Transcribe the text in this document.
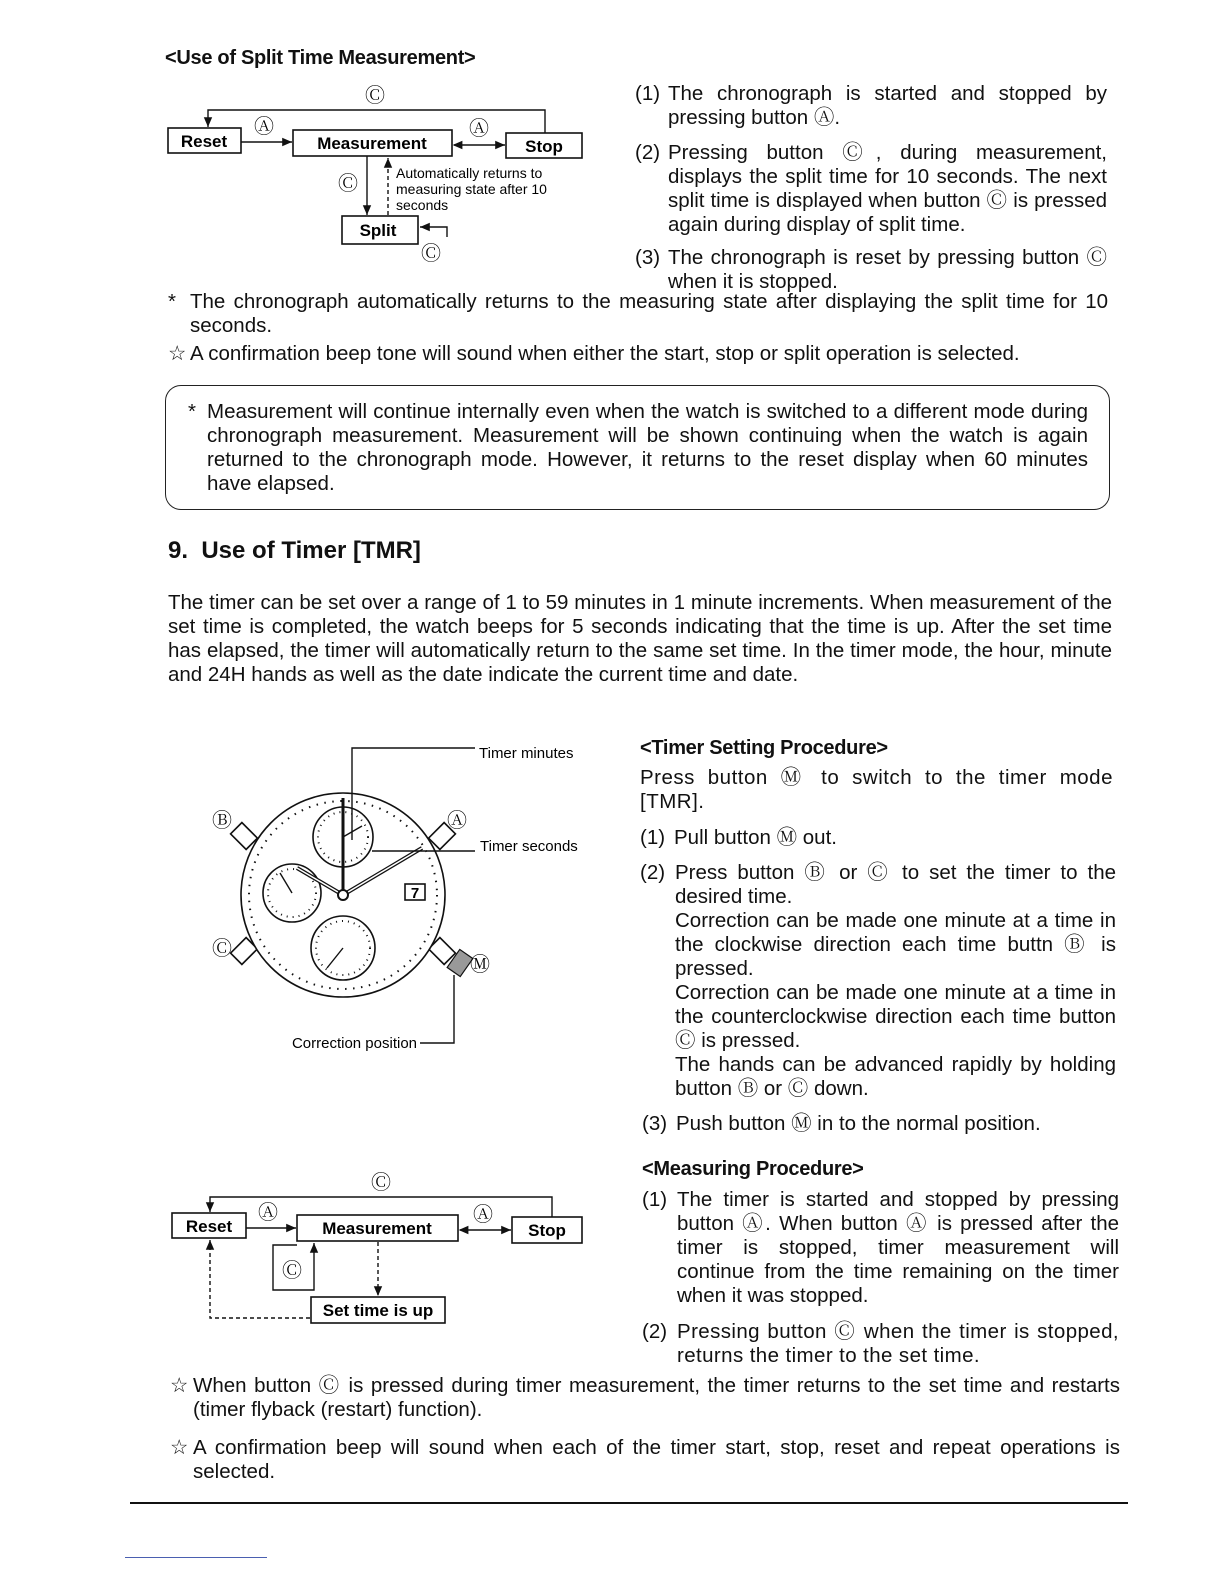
<Use of Split Time Measurement>
Reset	Measurement	Stop
Split
Ⓒ
Ⓐ	Ⓐ
Ⓒ
Ⓒ
Automatically returns to
measuring state after 10
seconds
(1) The chronograph is started and stopped by pressing button Ⓐ.
(2) Pressing button Ⓒ, during measurement, displays the split time for 10 seconds. The next split time is displayed when button Ⓒ is pressed again during display of split time.
(3) The chronograph is reset by pressing button Ⓒ when it is stopped.
* The chronograph automatically returns to the measuring state after displaying the split time for 10 seconds.
☆ A confirmation beep tone will sound when either the start, stop or split operation is selected.
* Measurement will continue internally even when the watch is switched to a different mode during chronograph measurement. Measurement will be shown continuing when the watch is again returned to the chronograph mode. However, it returns to the reset display when 60 minutes have elapsed.
9.  Use of Timer [TMR]
The timer can be set over a range of 1 to 59 minutes in 1 minute increments. When measurement of the set time is completed, the watch beeps for 5 seconds indicating that the time is up. After the set time has elapsed, the timer will automatically return to the same set time. In the timer mode, the hour, minute and 24H hands as well as the date indicate the current time and date.
7
Timer minutes
Timer seconds
Correction position
Ⓑ	Ⓐ
Ⓒ
Ⓜ
<Timer Setting Procedure>
Press button Ⓜ to switch to the timer mode [TMR].
(1) Pull button Ⓜ out.
(2) Press button Ⓑ or Ⓒ to set the timer to the desired time.
Correction can be made one minute at a time in the clockwise direction each time buttn Ⓑ is pressed.
Correction can be made one minute at a time in the counterclockwise direction each time button Ⓒ is pressed.
The hands can be advanced rapidly by holding button Ⓑ or Ⓒ down.
(3) Push button Ⓜ in to the normal position.
Reset	Measurement	Stop
Set time is up
Ⓒ
Ⓐ	Ⓐ
Ⓒ
<Measuring Procedure>
(1) The timer is started and stopped by pressing button Ⓐ. When button Ⓐ is pressed after the timer is stopped, timer measurement will continue from the time remaining on the timer when it was stopped.
(2) Pressing button Ⓒ when the timer is stopped, returns the timer to the set time.
☆ When button Ⓒ is pressed during timer measurement, the timer returns to the set time and restarts (timer flyback (restart) function).
☆ A confirmation beep will sound when each of the timer start, stop, reset and repeat operations is selected.
